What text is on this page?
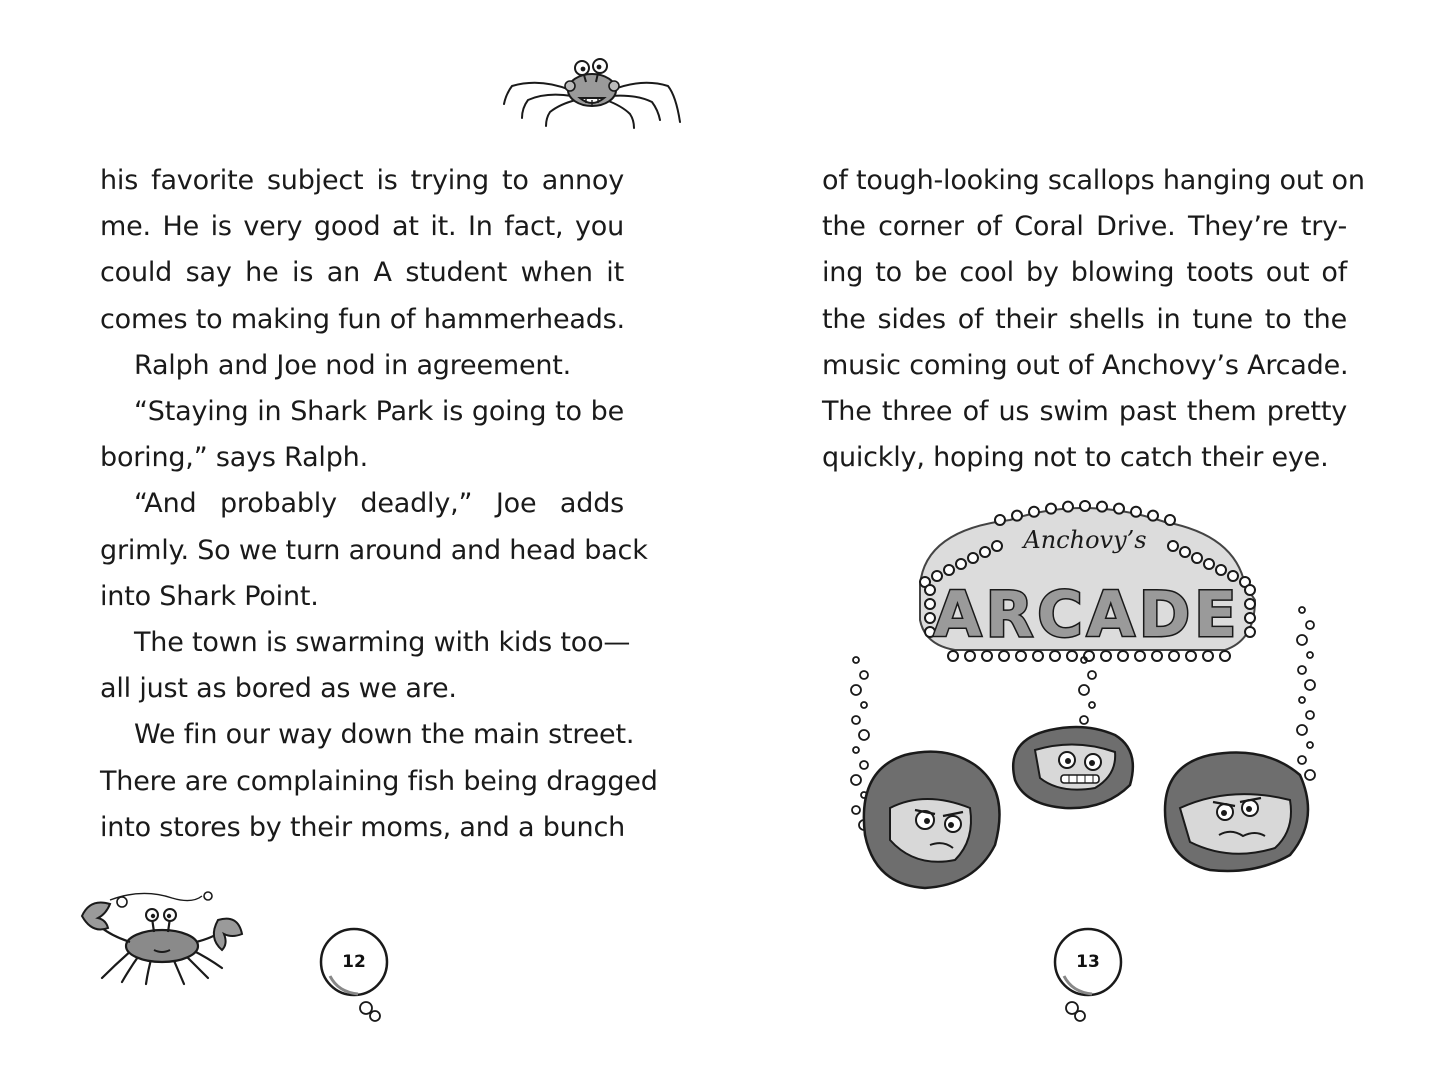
his favorite subject is trying to annoy
me. He is very good at it. In fact, you
could say he is an A student when it
comes to making fun of hammerheads.
Ralph and Joe nod in agreement.
“Staying in Shark Park is going to be
boring,” says Ralph.
“And probably deadly,” Joe adds
grimly. So we turn around and head back
into Shark Point.
The town is swarming with kids too—
all just as bored as we are.
We fin our way down the main street.
There are complaining fish being dragged
into stores by their moms, and a bunch
12
of tough-looking scallops hanging out on
the corner of Coral Drive. They’re try-
ing to be cool by blowing toots out of
the sides of their shells in tune to the
music coming out of Anchovy’s Arcade.
The three of us swim past them pretty
quickly, hoping not to catch their eye.
13
Anchovy’s
ARCADE
